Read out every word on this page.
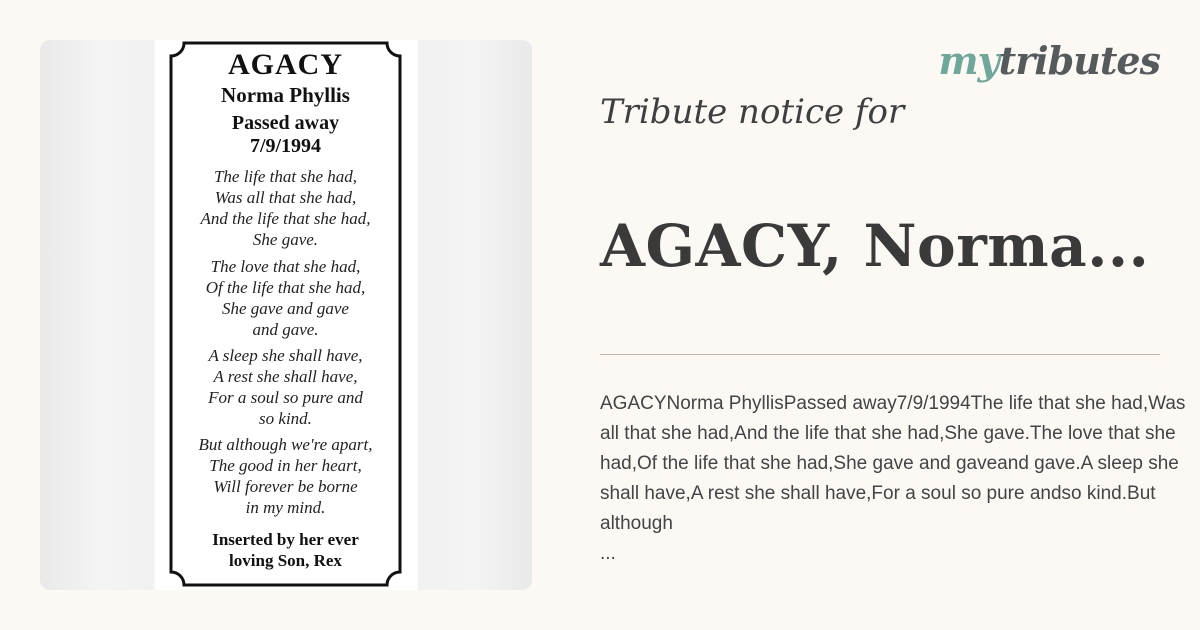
AGACY
Norma Phyllis
Passed away
7/9/1994
The life that she had,
Was all that she had,
And the life that she had,
She gave.
The love that she had,
Of the life that she had,
She gave and gave
and gave.
A sleep she shall have,
A rest she shall have,
For a soul so pure and
so kind.
But although we're apart,
The good in her heart,
Will forever be borne
in my mind.
Inserted by her ever
loving Son, Rex
mytributes
Tribute notice for
AGACY, Norma...
AGACYNorma PhyllisPassed away7/9/1994The life that she had,Was all that she had,And the life that she had,She gave.The love that she had,Of the life that she had,She gave and gaveand gave.A sleep she shall have,A rest she shall have,For a soul so pure andso kind.But although
...
